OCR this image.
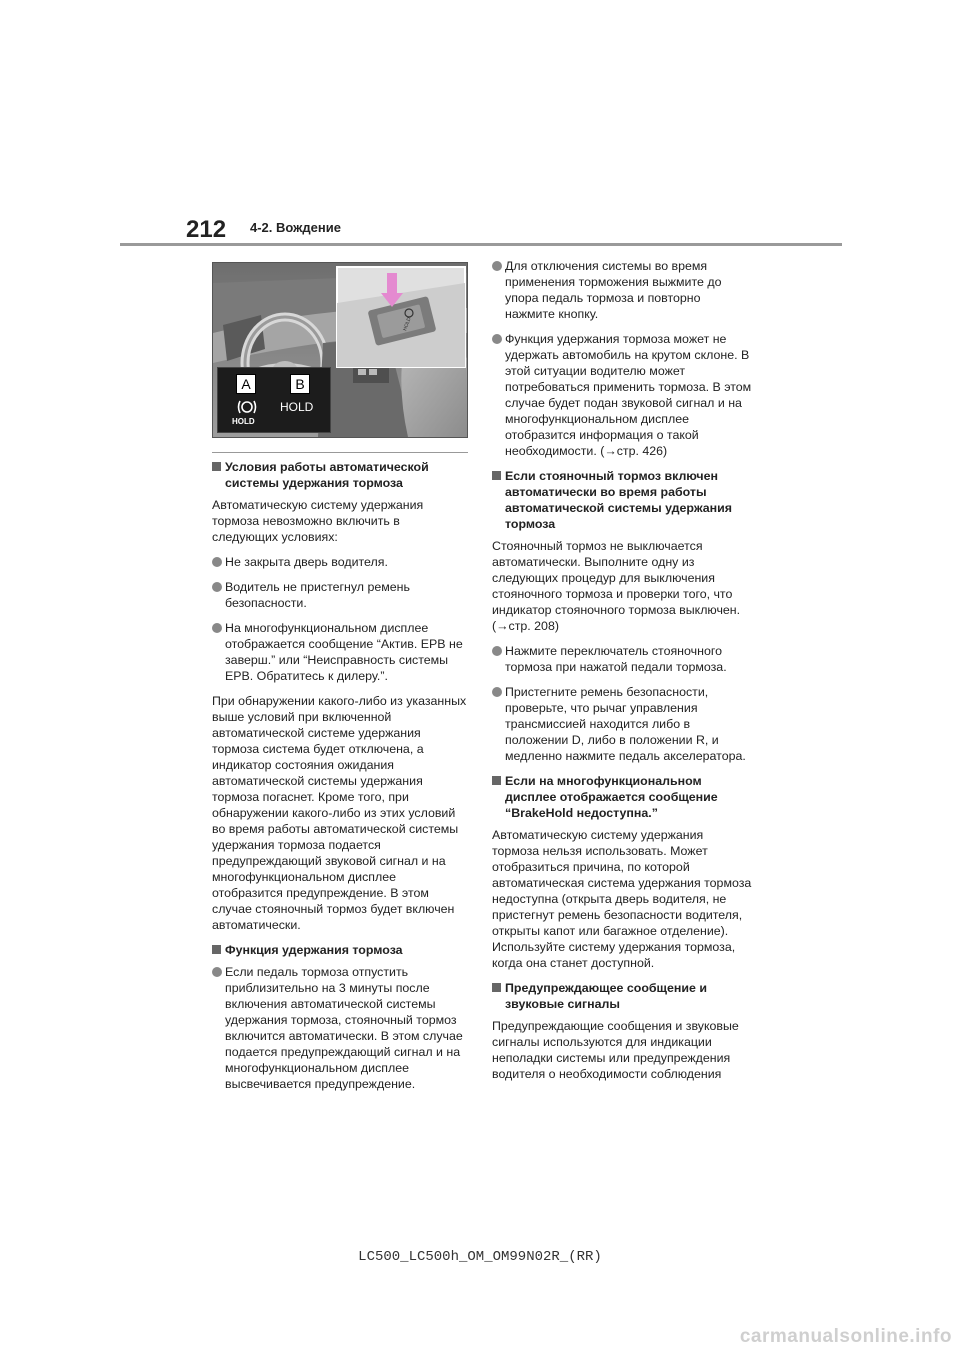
212 4-2. Вождение
HOLD
A	B
HOLD
HOLD
Условия работы автоматической системы удержания тормоза
Автоматическую систему удержания тормоза невозможно включить в следующих условиях:
Не закрыта дверь водителя.
Водитель не пристегнул ремень безопасности.
На многофункциональном дисплее отображается сообщение “Актив. EPB не заверш.” или “Неисправность системы EPB. Обратитесь к дилеру.”.
При обнаружении какого-либо из указанных выше условий при включенной автоматической системе удержания тормоза система будет отключена, а индикатор состояния ожидания автоматической системы удержания тормоза погаснет. Кроме того, при обнаружении какого-либо из этих условий во время работы автоматической системы удержания тормоза подается предупреждающий звуковой сигнал и на многофункциональном дисплее отобразится предупреждение. В этом случае стояночный тормоз будет включен автоматически.
Функция удержания тормоза
Если педаль тормоза отпустить приблизительно на 3 минуты после включения автоматической системы удержания тормоза, стояночный тормоз включится автоматически. В этом случае подается предупреждающий сигнал и на многофункциональном дисплее высвечивается предупреждение.
Для отключения системы во время применения торможения выжмите до упора педаль тормоза и повторно нажмите кнопку.
Функция удержания тормоза может не удержать автомобиль на крутом склоне. В этой ситуации водителю может потребоваться применить тормоза. В этом случае будет подан звуковой сигнал и на многофункциональном дисплее отобразится информация о такой необходимости. (→стр. 426)
Если стояночный тормоз включен автоматически во время работы автоматической системы удержания тормоза
Стояночный тормоз не выключается автоматически. Выполните одну из следующих процедур для выключения стояночного тормоза и проверки того, что индикатор стояночного тормоза выключен. (→стр. 208)
Нажмите переключатель стояночного тормоза при нажатой педали тормоза.
Пристегните ремень безопасности, проверьте, что рычаг управления трансмиссией находится либо в положении D, либо в положении R, и медленно нажмите педаль акселератора.
Если на многофункциональном дисплее отображается сообщение “BrakeHold недоступна.”
Автоматическую систему удержания тормоза нельзя использовать. Может отобразиться причина, по которой автоматическая система удержания тормоза недоступна (открыта дверь водителя, не пристегнут ремень безопасности водителя, открыты капот или багажное отделение). Используйте систему удержания тормоза, когда она станет доступной.
Предупреждающее сообщение и звуковые сигналы
Предупреждающие сообщения и звуковые сигналы используются для индикации неполадки системы или предупреждения водителя о необходимости соблюдения
LC500_LC500h_OM_OM99N02R_(RR)
carmanualsonline.info
